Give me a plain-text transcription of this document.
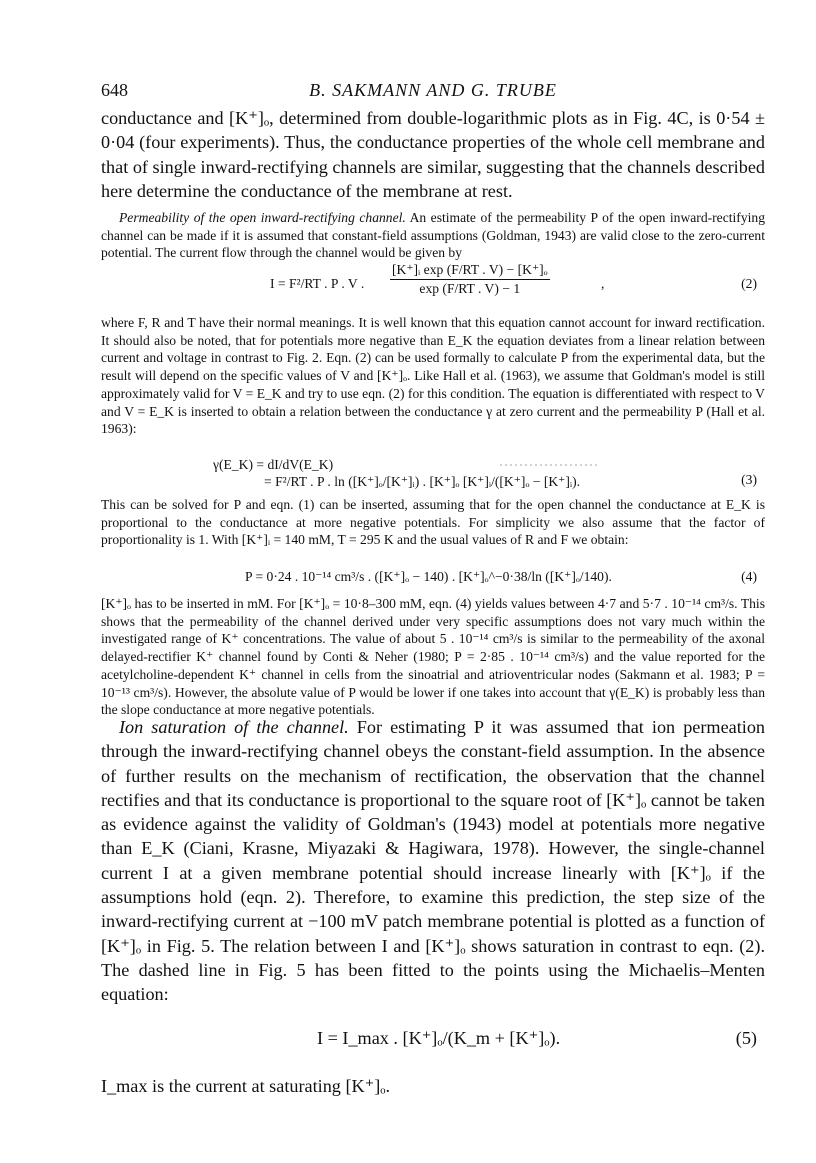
648	B. SAKMANN AND G. TRUBE

conductance and [K⁺]ₒ, determined from double-logarithmic plots as in Fig. 4C, is 0·54 ± 0·04 (four experiments). Thus, the conductance properties of the whole cell membrane and that of single inward-rectifying channels are similar, suggesting that the channels described here determine the conductance of the membrane at rest.

Permeability of the open inward-rectifying channel. An estimate of the permeability P of the open inward-rectifying channel can be made if it is assumed that constant-field assumptions (Goldman, 1943) are valid close to the zero-current potential. The current flow through the channel would be given by

I = F²/RT . P . V . $\frac{\text{[K⁺]ᵢ exp (F/RT . V) − [K⁺]ₒ}}{\exp (F/RT . V) - 1}$	,	(2)

where F, R and T have their normal meanings. It is well known that this equation cannot account for inward rectification. It should also be noted, that for potentials more negative than E_K the equation deviates from a linear relation between current and voltage in contrast to Fig. 2. Eqn. (2) can be used formally to calculate P from the experimental data, but the result will depend on the specific values of V and [K⁺]ₒ. Like Hall et al. (1963), we assume that Goldman's model is still approximately valid for V = E_K and try to use eqn. (2) for this condition. The equation is differentiated with respect to V and V = E_K is inserted to obtain a relation between the conductance γ at zero current and the permeability P (Hall et al. 1963):

γ(E_K) = dI/dV(E_K)
= F²/RT . P . ln ([K⁺]ₒ/[K⁺]ᵢ) . [K⁺]ₒ [K⁺]ᵢ/([K⁺]ₒ − [K⁺]ᵢ).	(3)

This can be solved for P and eqn. (1) can be inserted, assuming that for the open channel the conductance at E_K is proportional to the conductance at more negative potentials. For simplicity we also assume that the factor of proportionality is 1. With [K⁺]ᵢ = 140 mM, T = 295 K and the usual values of R and F we obtain:

P = 0·24 . 10⁻¹⁴ cm³/s . ([K⁺]ₒ − 140) . [K⁺]ₒ^−0·38/ln ([K⁺]ₒ/140).	(4)

[K⁺]ₒ has to be inserted in mM. For [K⁺]ₒ = 10·8–300 mM, eqn. (4) yields values between 4·7 and 5·7 . 10⁻¹⁴ cm³/s. This shows that the permeability of the channel derived under very specific assumptions does not vary much within the investigated range of K⁺ concentrations. The value of about 5 . 10⁻¹⁴ cm³/s is similar to the permeability of the axonal delayed-rectifier K⁺ channel found by Conti & Neher (1980; P = 2·85 . 10⁻¹⁴ cm³/s) and the value reported for the acetylcholine-dependent K⁺ channel in cells from the sinoatrial and atrioventricular nodes (Sakmann et al. 1983; P = 10⁻¹³ cm³/s). However, the absolute value of P would be lower if one takes into account that γ(E_K) is probably less than the slope conductance at more negative potentials.

Ion saturation of the channel. For estimating P it was assumed that ion permeation through the inward-rectifying channel obeys the constant-field assumption. In the absence of further results on the mechanism of rectification, the observation that the channel rectifies and that its conductance is proportional to the square root of [K⁺]ₒ cannot be taken as evidence against the validity of Goldman's (1943) model at potentials more negative than E_K (Ciani, Krasne, Miyazaki & Hagiwara, 1978). However, the single-channel current I at a given membrane potential should increase linearly with [K⁺]ₒ if the assumptions hold (eqn. 2). Therefore, to examine this prediction, the step size of the inward-rectifying current at −100 mV patch membrane potential is plotted as a function of [K⁺]ₒ in Fig. 5. The relation between I and [K⁺]ₒ shows saturation in contrast to eqn. (2). The dashed line in Fig. 5 has been fitted to the points using the Michaelis–Menten equation:

I = I_max . [K⁺]ₒ/(K_m + [K⁺]ₒ).	(5)

I_max is the current at saturating [K⁺]ₒ.
